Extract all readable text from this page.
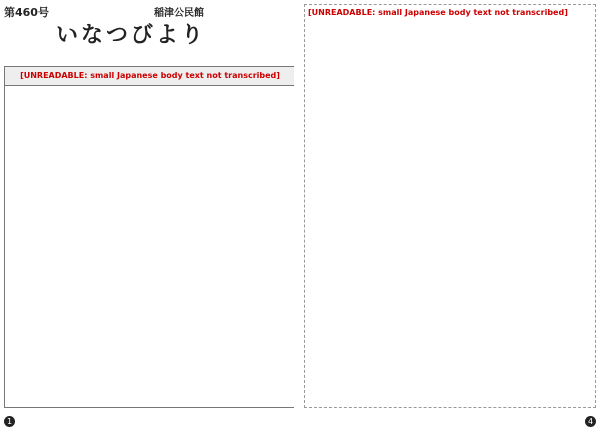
第460号
いなつびより
稲津公民館
[UNREADABLE: small Japanese body text not transcribed]
1
[UNREADABLE: small Japanese body text not transcribed]
4
